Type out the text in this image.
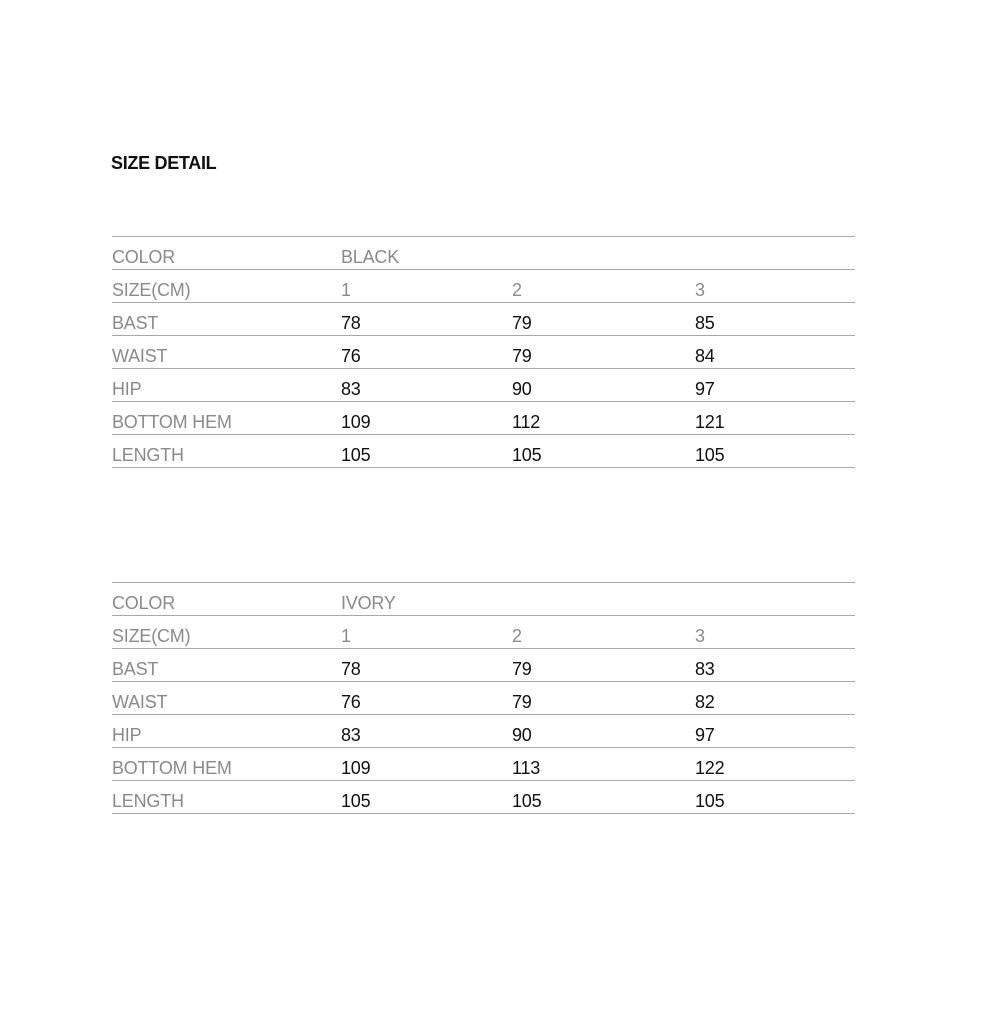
SIZE DETAIL
COLOR	BLACK
SIZE(CM)	1	2	3
BAST	78	79	85
WAIST	76	79	84
HIP	83	90	97
BOTTOM HEM	109	112	121
LENGTH	105	105	105
COLOR	IVORY
SIZE(CM)	1	2	3
BAST	78	79	83
WAIST	76	79	82
HIP	83	90	97
BOTTOM HEM	109	113	122
LENGTH	105	105	105
